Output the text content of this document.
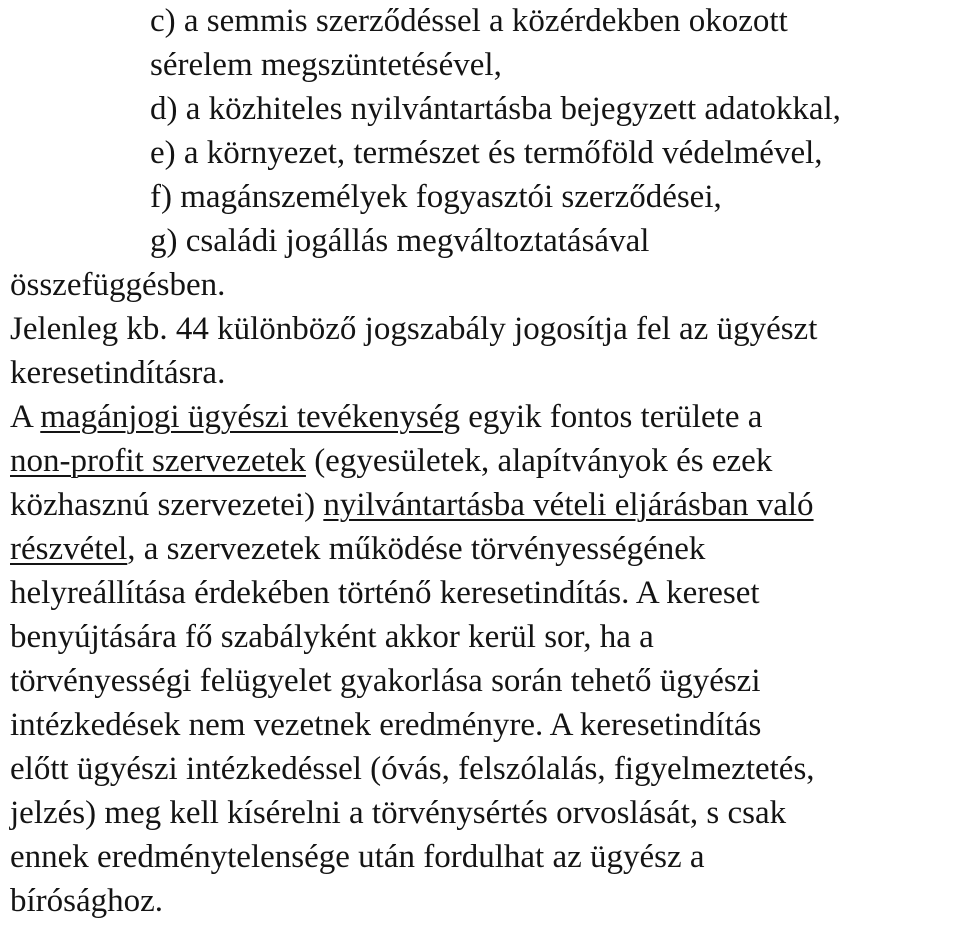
c) a semmis szerződéssel a közérdekben okozott
sérelem megszüntetésével,
d) a közhiteles nyilvántartásba bejegyzett adatokkal,
e) a környezet, természet és termőföld védelmével,
f) magánszemélyek fogyasztói szerződései,
g) családi jogállás megváltoztatásával
összefüggésben.
Jelenleg kb. 44 különböző jogszabály jogosítja fel az ügyészt
keresetindításra.
A magánjogi ügyészi tevékenység egyik fontos területe a
non-profit szervezetek (egyesületek, alapítványok és ezek
közhasznú szervezetei) nyilvántartásba vételi eljárásban való
részvétel, a szervezetek működése törvényességének
helyreállítása érdekében történő keresetindítás. A kereset
benyújtására fő szabályként akkor kerül sor, ha a
törvényességi felügyelet gyakorlása során tehető ügyészi
intézkedések nem vezetnek eredményre. A keresetindítás
előtt ügyészi intézkedéssel (óvás, felszólalás, figyelmeztetés,
jelzés) meg kell kísérelni a törvénysértés orvoslását, s csak
ennek eredménytelensége után fordulhat az ügyész a
bírósághoz.
